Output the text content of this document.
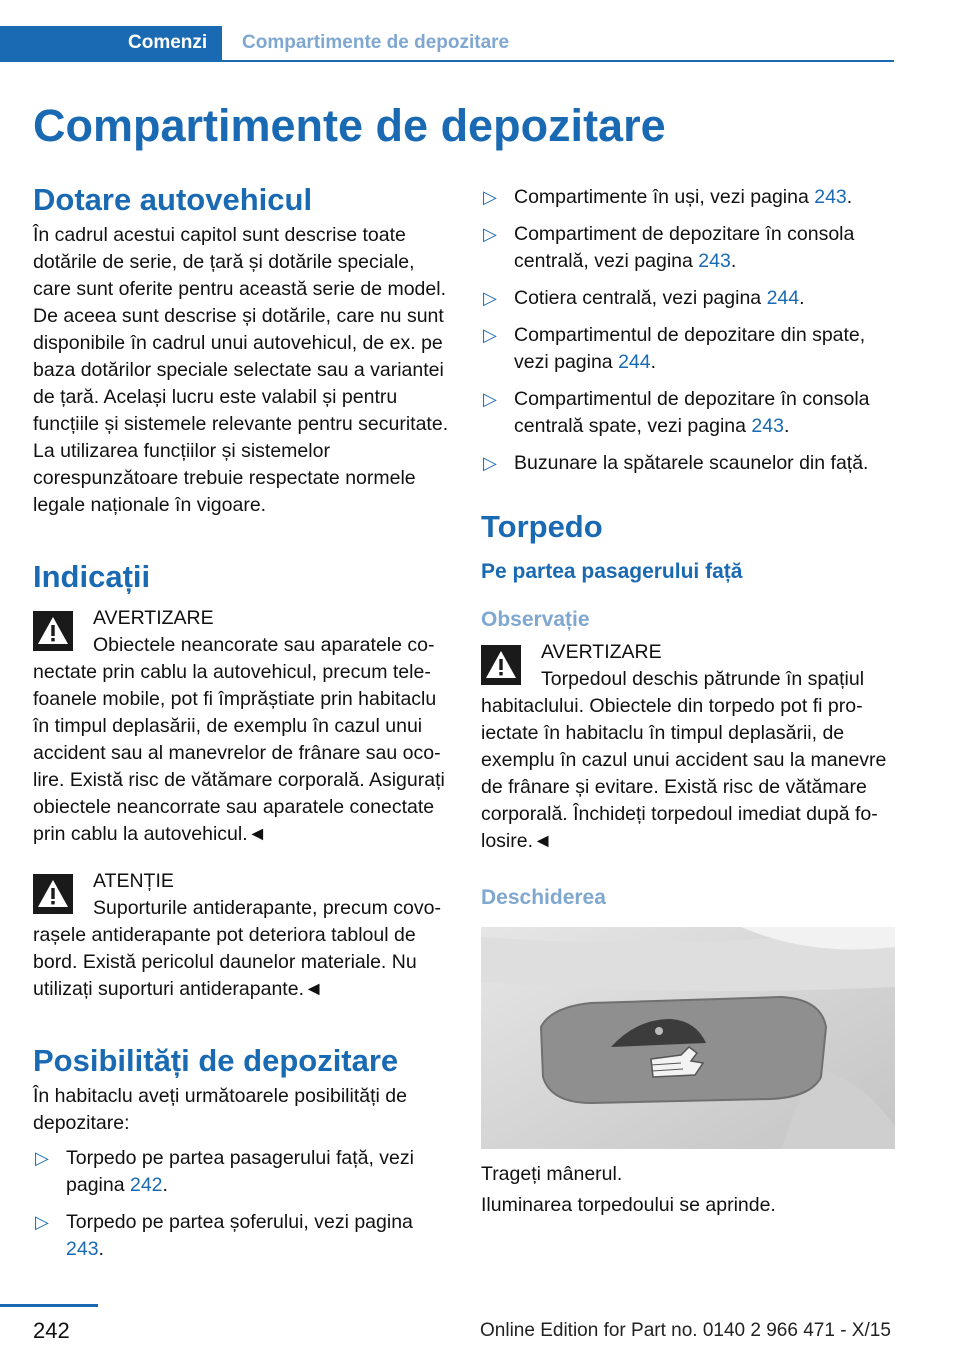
Comenzi	Compartimente de depozitare
Compartimente de depozitare
Dotare autovehicul

În cadrul acestui capitol sunt descrise toate dotările de serie, de țară și dotările speciale, care sunt oferite pentru această serie de model. De aceea sunt descrise și dotările, care nu sunt disponibile în cadrul unui autovehicul, de ex. pe baza dotărilor speciale selectate sau a variantei de țară. Același lucru este valabil și pentru funcțiile și sistemele relevante pentru securitate. La utilizarea funcțiilor și sistemelor corespunzătoare trebuie respectate normele legale naționale în vigoare.

Indicații
AVERTIZARE

Obiectele neancorate sau aparatele conectate prin cablu la autovehicul, precum telefoanele mobile, pot fi împrăștiate prin habitaclu în timpul deplasării, de exemplu în cazul unui accident sau al manevrelor de frânare sau ocolire. Există risc de vătămare corporală. Asigurați obiectele neancorrate sau aparatele conectate prin cablu la autovehicul.◄

ATENȚIE

Suporturile antiderapante, precum covorașele antiderapante pot deteriora tabloul de bord. Există pericolul daunelor materiale. Nu utilizați suporturi antiderapante.◄

Posibilități de depozitare

În habitaclu aveți următoarele posibilități de depozitare:

▷ Torpedo pe partea pasagerului față, vezi pagina 242.
▷ Torpedo pe partea șoferului, vezi pagina 243.
▷ Compartimente în uși, vezi pagina 243.
▷ Compartiment de depozitare în consola centrală, vezi pagina 243.
▷ Cotiera centrală, vezi pagina 244.
▷ Compartimentul de depozitare din spate, vezi pagina 244.
▷ Compartimentul de depozitare în consola centrală spate, vezi pagina 243.
▷ Buzunare la spătarele scaunelor din față.
Torpedo
Pe partea pasagerului față
Observație
AVERTIZARE

Torpedoul deschis pătrunde în spațiul habitaclului. Obiectele din torpedo pot fi proiectate în habitaclu în timpul deplasării, de exemplu în cazul unui accident sau la manevre de frânare și evitare. Există risc de vătămare corporală. Închideți torpedoul imediat după folosire.◄

Deschiderea

Trageți mânerul.

Iluminarea torpedoului se aprinde.

242	Online Edition for Part no. 0140 2 966 471 - X/15
